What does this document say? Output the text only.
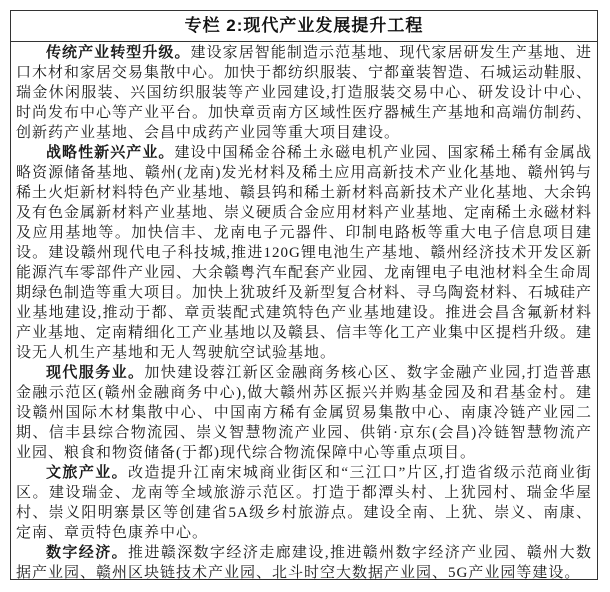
专栏 2:现代产业发展提升工程

传统产业转型升级。建设家居智能制造示范基地、现代家居研发生产基地、进口木材和家居交易集散中心。加快于都纺织服装、宁都童装智造、石城运动鞋服、瑞金休闲服装、兴国纺织服装等产业园建设,打造服装交易中心、研发设计中心、时尚发布中心等产业平台。加快章贡南方区域性医疗器械生产基地和高端仿制药、创新药产业基地、会昌中成药产业园等重大项目建设。

战略性新兴产业。建设中国稀金谷稀土永磁电机产业园、国家稀土稀有金属战略资源储备基地、赣州(龙南)发光材料及稀土应用高新技术产业化基地、赣州钨与稀土火炬新材料特色产业基地、赣县钨和稀土新材料高新技术产业化基地、大余钨及有色金属新材料产业基地、崇义硬质合金应用材料产业基地、定南稀土永磁材料及应用基地等。加快信丰、龙南电子元器件、印制电路板等重大电子信息项目建设。建设赣州现代电子科技城,推进120G锂电池生产基地、赣州经济技术开发区新能源汽车零部件产业园、大余赣粤汽车配套产业园、龙南锂电子电池材料全生命周期绿色制造等重大项目。加快上犹玻纤及新型复合材料、寻乌陶瓷材料、石城硅产业基地建设,推动于都、章贡装配式建筑特色产业基地建设。推进会昌含氟新材料产业基地、定南精细化工产业基地以及赣县、信丰等化工产业集中区提档升级。建设无人机生产基地和无人驾驶航空试验基地。

现代服务业。加快建设蓉江新区金融商务核心区、数字金融产业园,打造普惠金融示范区(赣州金融商务中心),做大赣州苏区振兴并购基金园及和君基金村。建设赣州国际木材集散中心、中国南方稀有金属贸易集散中心、南康冷链产业园二期、信丰县综合物流园、崇义智慧物流产业园、供销·京东(会昌)冷链智慧物流产业园、粮食和物资储备(于都)现代综合物流保障中心等重点项目。

文旅产业。改造提升江南宋城商业街区和“三江口”片区,打造省级示范商业街区。建设瑞金、龙南等全域旅游示范区。打造于都潭头村、上犹园村、瑞金华屋村、崇义阳明寨景区等创建省5A级乡村旅游点。建设全南、上犹、崇义、南康、定南、章贡特色康养中心。

数字经济。推进赣深数字经济走廊建设,推进赣州数字经济产业园、赣州大数据产业园、赣州区块链技术产业园、北斗时空大数据产业园、5G产业园等建设。
